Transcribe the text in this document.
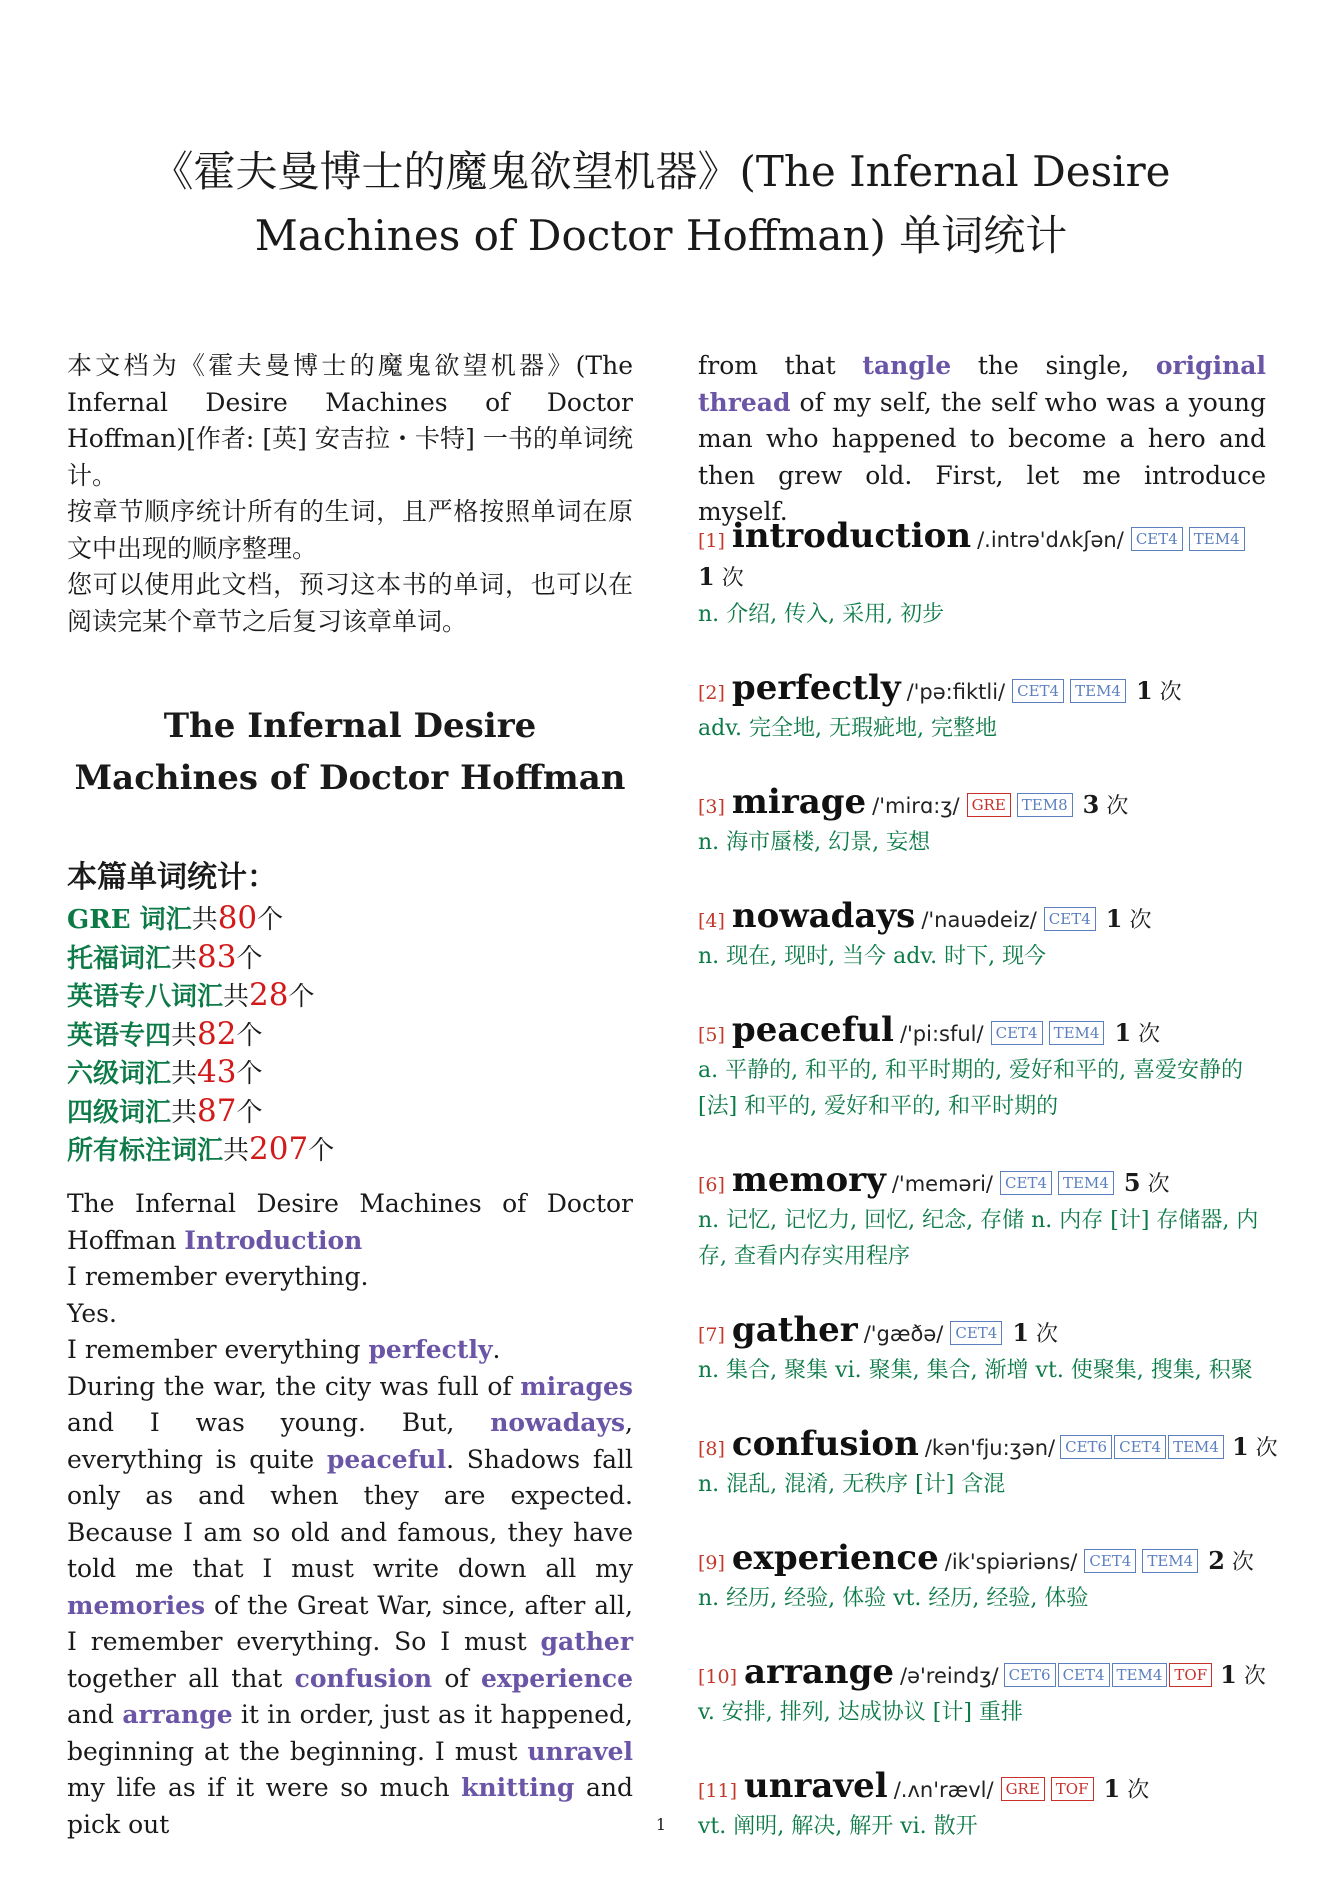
《霍夫曼博士的魔鬼欲望机器》(The Infernal Desire Machines of Doctor Hoffman) 单词统计

本文档为《霍夫曼博士的魔鬼欲望机器》(The Infernal Desire Machines of Doctor Hoffman)[作者: [英] 安吉拉・卡特] 一书的单词统计。

按章节顺序统计所有的生词，且严格按照单词在原文中出现的顺序整理。

您可以使用此文档，预习这本书的单词，也可以在阅读完某个章节之后复习该章单词。

The Infernal Desire Machines of Doctor Hoffman
本篇单词统计：
GRE 词汇共80个
托福词汇共83个
英语专八词汇共28个
英语专四共82个
六级词汇共43个
四级词汇共87个
所有标注词汇共207个
The Infernal Desire Machines of Doctor Hoffman Introduction
I remember everything.
Yes.
I remember everything perfectly.
During the war, the city was full of mirages and I was young. But, nowadays, everything is quite peaceful. Shadows fall only as and when they are expected. Because I am so old and famous, they have told me that I must write down all my memories of the Great War, since, after all, I remember everything. So I must gather together all that confusion of experience and arrange it in order, just as it happened, beginning at the beginning. I must unravel my life as if it were so much knitting and pick out
from that tangle the single, original thread of my self, the self who was a young man who happened to become a hero and then grew old. First, let me introduce myself.
[1] introduction /.intrə'dʌkʃən/ CET4 TEM4
1 次
n. 介绍, 传入, 采用, 初步
[2] perfectly /'pə:fiktli/ CET4 TEM4 1 次
adv. 完全地, 无瑕疵地, 完整地
[3] mirage /'mirɑ:ʒ/ GRE TEM8 3 次
n. 海市蜃楼, 幻景, 妄想
[4] nowadays /'nauədeiz/ CET4 1 次
n. 现在, 现时, 当今 adv. 时下, 现今
[5] peaceful /'pi:sful/ CET4 TEM4 1 次
a. 平静的, 和平的, 和平时期的, 爱好和平的, 喜爱安静的 [法] 和平的, 爱好和平的, 和平时期的
[6] memory /'meməri/ CET4 TEM4 5 次
n. 记忆, 记忆力, 回忆, 纪念, 存储 n. 内存 [计] 存储器, 内存, 查看内存实用程序
[7] gather /'gæðə/ CET4 1 次
n. 集合, 聚集 vi. 聚集, 集合, 渐增 vt. 使聚集, 搜集, 积聚
[8] confusion /kən'fju:ʒən/ CET6 CET4 TEM4 1 次
n. 混乱, 混淆, 无秩序 [计] 含混
[9] experience /ik'spiəriəns/ CET4 TEM4 2 次
n. 经历, 经验, 体验 vt. 经历, 经验, 体验
[10] arrange /ə'reindʒ/ CET6 CET4 TEM4 TOF 1 次
v. 安排, 排列, 达成协议 [计] 重排
[11] unravel /.ʌn'rævl/ GRE TOF 1 次
vt. 阐明, 解决, 解开 vi. 散开
1
